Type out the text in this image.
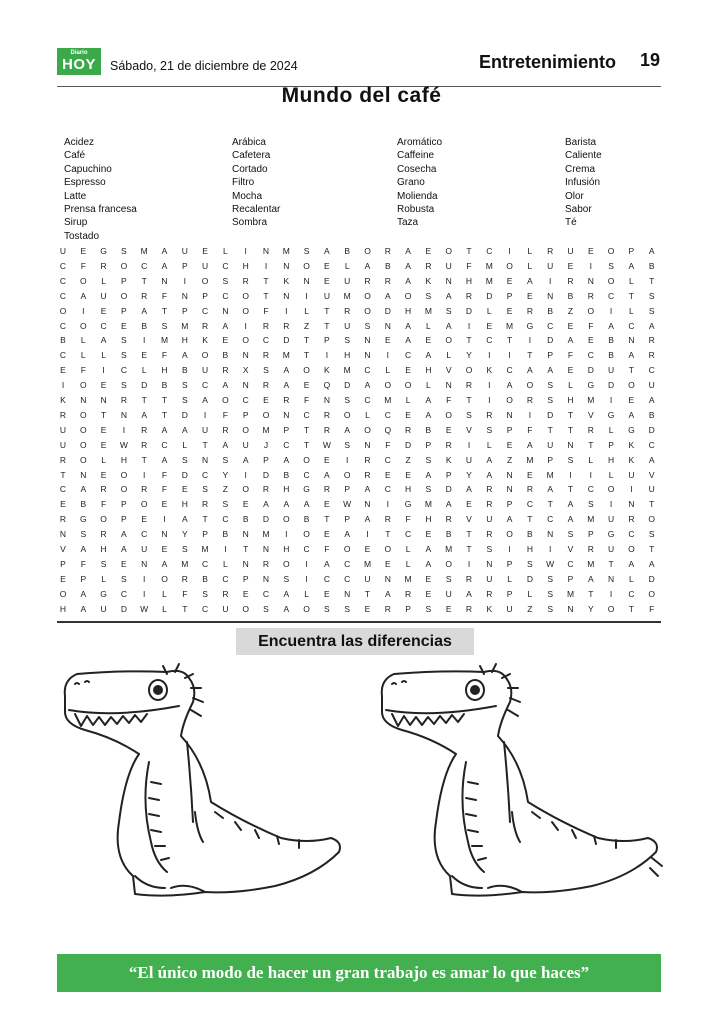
Diario
HOY	Sábado, 21 de diciembre de 2024	Entretenimiento 19
Mundo del café
Acidez
Café
Capuchino
Espresso
Latte
Prensa francesa
Sirup
Tostado
Arábica
Cafetera
Cortado
Filtro
Mocha
Recalentar
Sombra
Aromático
Caffeine
Cosecha
Grano
Molienda
Robusta
Taza
Barista
Caliente
Crema
Infusión
Olor
Sabor
Té
U	E	G	S	M	A	U	E	L	I	N	M	S	A	B	O	R	A	E	O	T	C	I	L	R	U	E	O	P	A
C	F	R	O	C	A	P	U	C	H	I	N	O	E	L	A	B	A	R	U	F	M	O	L	U	E	I	S	A	B
C	O	L	P	T	N	I	O	S	R	T	K	N	E	U	R	R	A	K	N	H	M	E	A	I	R	N	O	L	T
C	A	U	O	R	F	N	P	C	O	T	N	I	U	M	O	A	O	S	A	R	D	P	E	N	B	R	C	T	S
O	I	E	P	A	T	P	C	N	O	F	I	L	T	R	O	D	H	M	S	D	L	E	R	B	Z	O	I	L	S
C	O	C	E	B	S	M	R	A	I	R	R	Z	T	U	S	N	A	L	A	I	E	M	G	C	E	F	A	C	A
B	L	A	S	I	M	H	K	E	O	C	D	T	P	S	N	E	A	E	O	T	C	T	I	D	A	E	B	N	R
C	L	L	S	E	F	A	O	B	N	R	M	T	I	H	N	I	C	A	L	Y	I	I	T	P	F	C	B	A	R
E	F	I	C	L	H	B	U	R	X	S	A	O	K	M	C	L	E	H	V	O	K	C	A	A	E	D	U	T	C
I	O	E	S	D	B	S	C	A	N	R	A	E	Q	D	A	O	O	L	N	R	I	A	O	S	L	G	D	O	U
K	N	N	R	T	T	S	A	O	C	E	R	F	N	S	C	M	L	A	F	T	I	O	R	S	H	M	I	E	A
R	O	T	N	A	T	D	I	F	P	O	N	C	R	O	L	C	E	A	O	S	R	N	I	D	T	V	G	A	B
U	O	E	I	R	A	A	U	R	O	M	P	T	R	A	O	Q	R	B	E	V	S	P	F	T	T	R	L	G	D
U	O	E	W	R	C	L	T	A	U	J	C	T	W	S	N	F	D	P	R	I	L	E	A	U	N	T	P	K	C
R	O	L	H	T	A	S	N	S	A	P	A	O	E	I	R	C	Z	S	K	U	A	Z	M	P	S	L	H	K	A
T	N	E	O	I	F	D	C	Y	I	D	B	C	A	O	R	E	E	A	P	Y	A	N	E	M	I	I	L	U	V
C	A	R	O	R	F	E	S	Z	O	R	H	G	R	P	A	C	H	S	D	A	R	N	R	A	T	C	O	I	U
E	B	F	P	O	E	H	R	S	E	A	A	A	E	W	N	I	G	M	A	E	R	P	C	T	A	S	I	N	T
R	G	O	P	E	I	A	T	C	B	D	O	B	T	P	A	R	F	H	R	V	U	A	T	C	A	M	U	R	O
N	S	R	A	C	N	Y	P	B	N	M	I	O	E	A	I	T	C	E	B	T	R	O	B	N	S	P	G	C	S
V	A	H	A	U	E	S	M	I	T	N	H	C	F	O	E	O	L	A	M	T	S	I	H	I	V	R	U	O	T
P	F	S	E	N	A	M	C	L	N	R	O	I	A	C	M	E	L	A	O	I	N	P	S	W	C	M	T	A	A
E	P	L	S	I	O	R	B	C	P	N	S	I	C	C	U	N	M	E	S	R	U	L	D	S	P	A	N	L	D
O	A	G	C	I	L	F	S	R	E	C	A	L	E	N	T	A	R	E	U	A	R	P	L	S	M	T	I	C	O
H	A	U	D	W	L	T	C	U	O	S	A	O	S	S	E	R	P	S	E	R	K	U	Z	S	N	Y	O	T	F
Encuentra las diferencias
“El único modo de hacer un gran trabajo es amar lo que haces”
